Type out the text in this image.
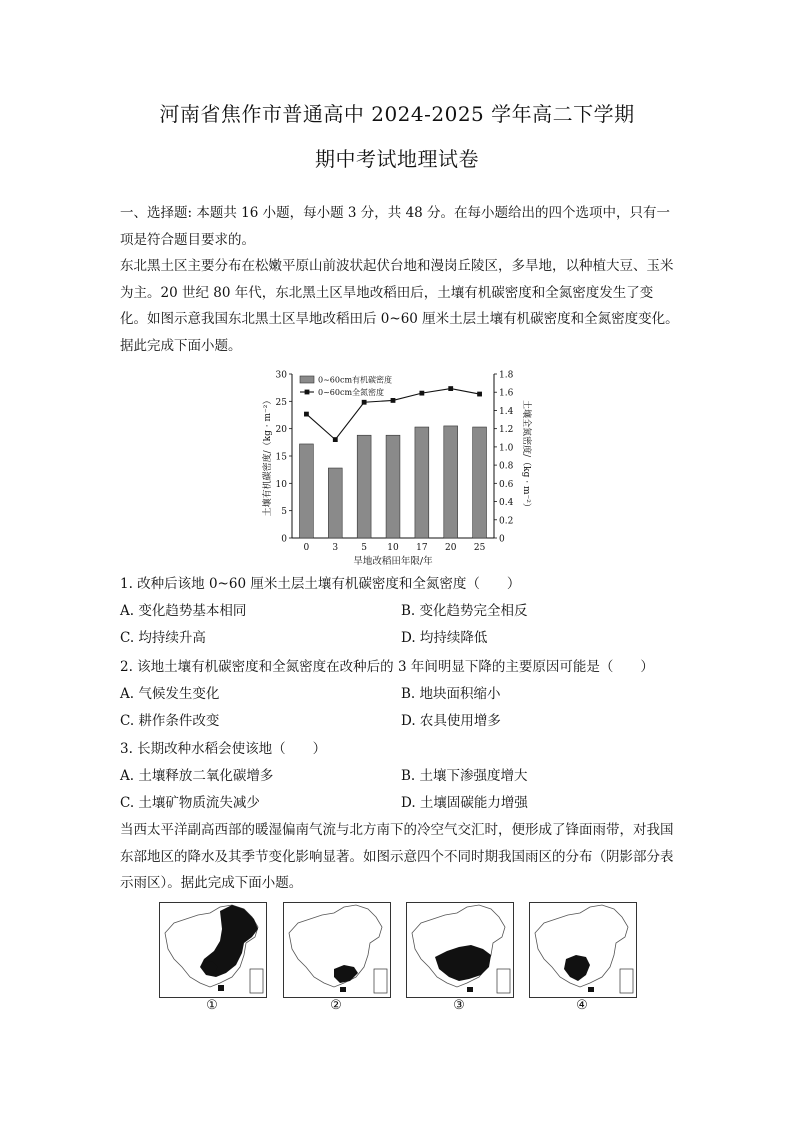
河南省焦作市普通高中 2024-2025 学年高二下学期
期中考试地理试卷
一、选择题: 本题共 16 小题，每小题 3 分，共 48 分。在每小题给出的四个选项中，只有一项是符合题目要求的。
东北黑土区主要分布在松嫩平原山前波状起伏台地和漫岗丘陵区，多旱地，以种植大豆、玉米为主。20 世纪 80 年代，东北黑土区旱地改稻田后，土壤有机碳密度和全氮密度发生了变化。如图示意我国东北黑土区旱地改稻田后 0~60 厘米土层土壤有机碳密度和全氮密度变化。据此完成下面小题。
0
5
10
15
20
25
30
0
0.2
0.4
0.6
0.8
1.0
1.2
1.4
1.6
1.8
0	3	5 10 17 20 25
旱地改稻田年限/年
土壤有机碳密度/（kg · m⁻²）	土壤全氮密度/（kg · m⁻²）
0~60cm有机碳密度
0~60cm全氮密度
1. 改种后该地 0~60 厘米土层土壤有机碳密度和全氮密度（　　）
A. 变化趋势基本相同	B. 变化趋势完全相反
C. 均持续升高	D. 均持续降低
2. 该地土壤有机碳密度和全氮密度在改种后的 3 年间明显下降的主要原因可能是（　　）
A. 气候发生变化	B. 地块面积缩小
C. 耕作条件改变	D. 农具使用增多
3. 长期改种水稻会使该地（　　）
A. 土壤释放二氧化碳增多	B. 土壤下渗强度增大
C. 土壤矿物质流失减少	D. 土壤固碳能力增强
当西太平洋副高西部的暖湿偏南气流与北方南下的冷空气交汇时，便形成了锋面雨带，对我国东部地区的降水及其季节变化影响显著。如图示意四个不同时期我国雨区的分布（阴影部分表示雨区）。据此完成下面小题。
①	②	③	④
